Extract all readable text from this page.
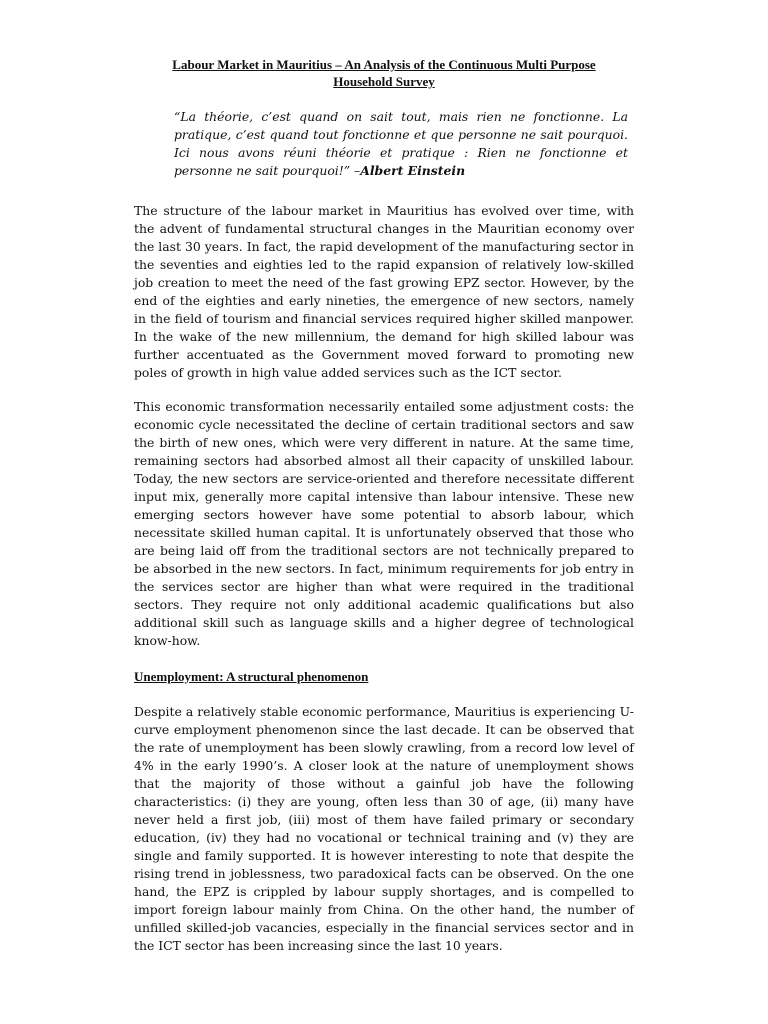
Labour Market in Mauritius – An Analysis of the Continuous Multi Purpose
Household Survey

“La théorie, c’est quand on sait tout, mais rien ne fonctionne. La pratique, c’est quand tout fonctionne et que personne ne sait pourquoi. Ici nous avons réuni théorie et pratique : Rien ne fonctionne et personne ne sait pourquoi!” –Albert Einstein

The structure of the labour market in Mauritius has evolved over time, with the advent of fundamental structural changes in the Mauritian economy over the last 30 years. In fact, the rapid development of the manufacturing sector in the seventies and eighties led to the rapid expansion of relatively low-skilled job creation to meet the need of the fast growing EPZ sector. However, by the end of the eighties and early nineties, the emergence of new sectors, namely in the field of tourism and financial services required higher skilled manpower. In the wake of the new millennium, the demand for high skilled labour was further accentuated as the Government moved forward to promoting new poles of growth in high value added services such as the ICT sector.

This economic transformation necessarily entailed some adjustment costs: the economic cycle necessitated the decline of certain traditional sectors and saw the birth of new ones, which were very different in nature. At the same time, remaining sectors had absorbed almost all their capacity of unskilled labour. Today, the new sectors are service-oriented and therefore necessitate different input mix, generally more capital intensive than labour intensive. These new emerging sectors however have some potential to absorb labour, which necessitate skilled human capital. It is unfortunately observed that those who are being laid off from the traditional sectors are not technically prepared to be absorbed in the new sectors. In fact, minimum requirements for job entry in the services sector are higher than what were required in the traditional sectors. They require not only additional academic qualifications but also additional skill such as language skills and a higher degree of technological know-how.

Unemployment: A structural phenomenon

Despite a relatively stable economic performance, Mauritius is experiencing U-curve employment phenomenon since the last decade. It can be observed that the rate of unemployment has been slowly crawling, from a record low level of 4% in the early 1990’s. A closer look at the nature of unemployment shows that the majority of those without a gainful job have the following characteristics: (i) they are young, often less than 30 of age, (ii) many have never held a first job, (iii) most of them have failed primary or secondary education, (iv) they had no vocational or technical training and (v) they are single and family supported. It is however interesting to note that despite the rising trend in joblessness, two paradoxical facts can be observed. On the one hand, the EPZ is crippled by labour supply shortages, and is compelled to import foreign labour mainly from China. On the other hand, the number of unfilled skilled-job vacancies, especially in the financial services sector and in the ICT sector has been increasing since the last 10 years.
